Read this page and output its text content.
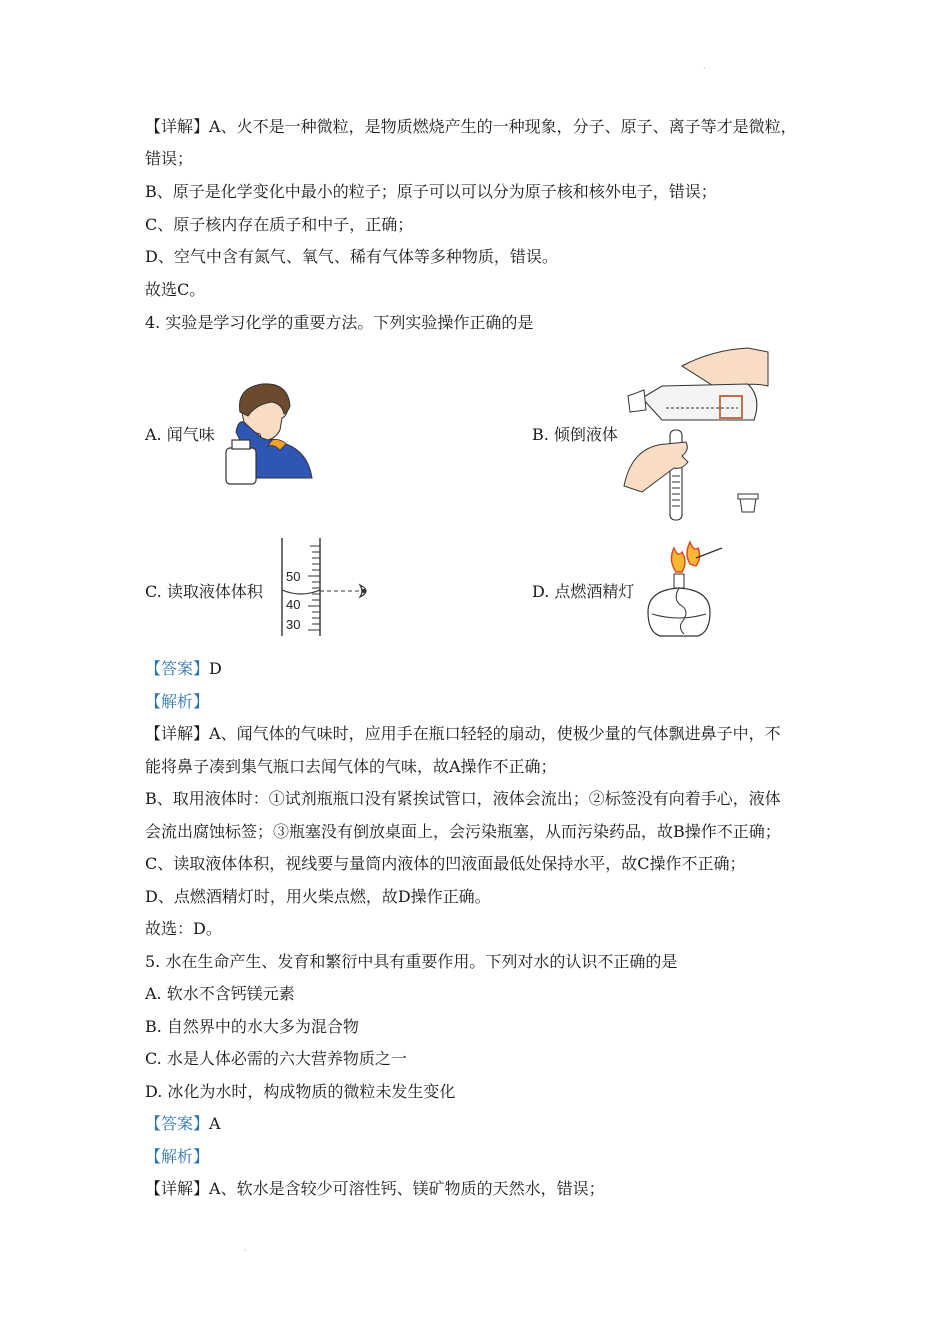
·
【详解】A、火不是一种微粒，是物质燃烧产生的一种现象，分子、原子、离子等才是微粒，
错误；
B、原子是化学变化中最小的粒子；原子可以可以分为原子核和核外电子，错误；
C、原子核内存在质子和中子，正确；
D、空气中含有氮气、氧气、稀有气体等多种物质，错误。
故选C。
4. 实验是学习化学的重要方法。下列实验操作正确的是
A. 闻气味	B. 倾倒液体
C. 读取液体体积	D. 点燃酒精灯
50
40
30
【答案】D
【解析】
【详解】A、闻气体的气味时，应用手在瓶口轻轻的扇动，使极少量的气体飘进鼻子中，不
能将鼻子凑到集气瓶口去闻气体的气味，故A操作不正确；
B、取用液体时：①试剂瓶瓶口没有紧挨试管口，液体会流出；②标签没有向着手心，液体
会流出腐蚀标签；③瓶塞没有倒放桌面上，会污染瓶塞，从而污染药品，故B操作不正确；
C、读取液体体积，视线要与量筒内液体的凹液面最低处保持水平，故C操作不正确；
D、点燃酒精灯时，用火柴点燃，故D操作正确。
故选：D。
5. 水在生命产生、发育和繁衍中具有重要作用。下列对水的认识不正确的是
A. 软水不含钙镁元素
B. 自然界中的水大多为混合物
C. 水是人体必需的六大营养物质之一
D. 冰化为水时，构成物质的微粒未发生变化
【答案】A
【解析】
【详解】A、软水是含较少可溶性钙、镁矿物质的天然水，错误；
·
